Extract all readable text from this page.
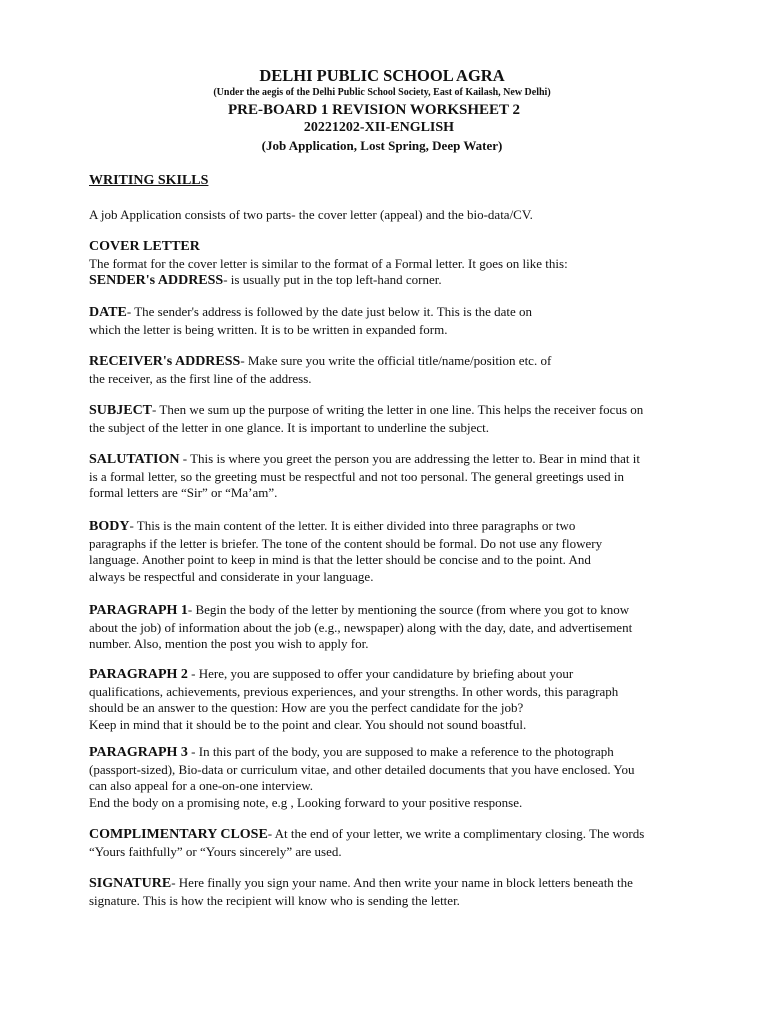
DELHI PUBLIC SCHOOL AGRA
(Under the aegis of the Delhi Public School Society, East of Kailash, New Delhi)
PRE-BOARD 1 REVISION WORKSHEET 2
20221202-XII-ENGLISH
(Job Application, Lost Spring, Deep Water)
WRITING SKILLS
A job Application consists of two parts- the cover letter (appeal) and the bio-data/CV.
COVER LETTER
The format for the cover letter is similar to the format of a Formal letter. It goes on like this:
SENDER's ADDRESS- is usually put in the top left-hand corner.
DATE- The sender's address is followed by the date just below it. This is the date on
which the letter is being written. It is to be written in expanded form.
RECEIVER's ADDRESS- Make sure you write the official title/name/position etc. of
the receiver, as the first line of the address.
SUBJECT- Then we sum up the purpose of writing the letter in one line. This helps the receiver focus on
the subject of the letter in one glance. It is important to underline the subject.
SALUTATION - This is where you greet the person you are addressing the letter to. Bear in mind that it
is a formal letter, so the greeting must be respectful and not too personal. The general greetings used in
formal letters are “Sir” or “Ma’am”.
BODY- This is the main content of the letter. It is either divided into three paragraphs or two
paragraphs if the letter is briefer. The tone of the content should be formal. Do not use any flowery
language. Another point to keep in mind is that the letter should be concise and to the point. And
always be respectful and considerate in your language.
PARAGRAPH 1- Begin the body of the letter by mentioning the source (from where you got to know
about the job) of information about the job (e.g., newspaper) along with the day, date, and advertisement
number. Also, mention the post you wish to apply for.
PARAGRAPH 2 - Here, you are supposed to offer your candidature by briefing about your
qualifications, achievements, previous experiences, and your strengths. In other words, this paragraph
should be an answer to the question: How are you the perfect candidate for the job?
Keep in mind that it should be to the point and clear. You should not sound boastful.
PARAGRAPH 3 - In this part of the body, you are supposed to make a reference to the photograph
(passport-sized), Bio-data or curriculum vitae, and other detailed documents that you have enclosed. You
can also appeal for a one-on-one interview.
End the body on a promising note, e.g , Looking forward to your positive response.
COMPLIMENTARY CLOSE- At the end of your letter, we write a complimentary closing. The words
“Yours faithfully” or “Yours sincerely” are used.
SIGNATURE- Here finally you sign your name. And then write your name in block letters beneath the
signature. This is how the recipient will know who is sending the letter.
